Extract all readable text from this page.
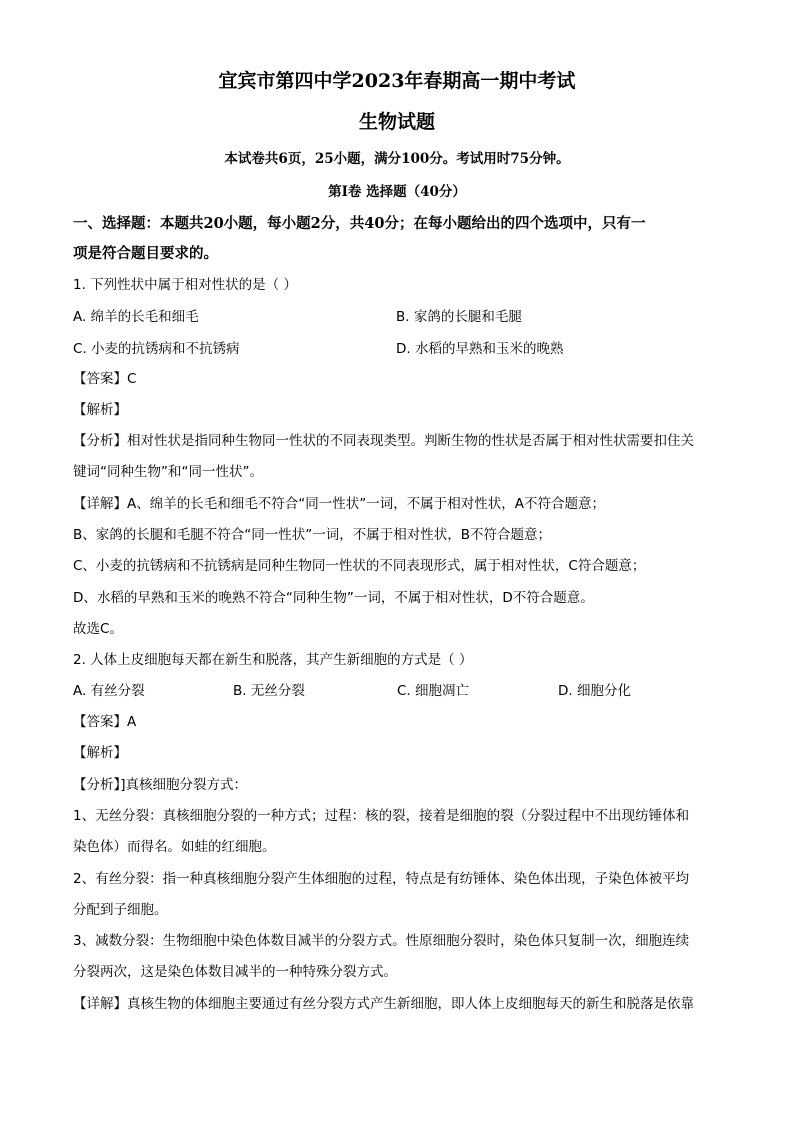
宜宾市第四中学2023年春期高一期中考试
生物试题
本试卷共6页，25小题，满分100分。考试用时75分钟。
第I卷 选择题（40分）
一、选择题：本题共20小题，每小题2分，共40分；在每小题给出的四个选项中，只有一
项是符合题目要求的。
1. 下列性状中属于相对性状的是（ ）
A. 绵羊的长毛和细毛	B. 家鸽的长腿和毛腿
C. 小麦的抗锈病和不抗锈病	D. 水稻的早熟和玉米的晚熟
【答案】C
【解析】
【分析】相对性状是指同种生物同一性状的不同表现类型。判断生物的性状是否属于相对性状需要扣住关
键词“同种生物”和“同一性状”。
【详解】A、绵羊的长毛和细毛不符合“同一性状”一词，不属于相对性状，A不符合题意；
B、家鸽的长腿和毛腿不符合“同一性状”一词，不属于相对性状，B不符合题意；
C、小麦的抗锈病和不抗锈病是同种生物同一性状的不同表现形式，属于相对性状，C符合题意；
D、水稻的早熟和玉米的晚熟不符合“同种生物”一词，不属于相对性状，D不符合题意。
故选C。
2. 人体上皮细胞每天都在新生和脱落，其产生新细胞的方式是（ ）
A. 有丝分裂	B. 无丝分裂	C. 细胞凋亡	D. 细胞分化
【答案】A
【解析】
【分析】]真核细胞分裂方式：
1、无丝分裂：真核细胞分裂的一种方式；过程：核的裂，接着是细胞的裂（分裂过程中不出现纺锤体和
染色体）而得名。如蛙的红细胞。
2、有丝分裂：指一种真核细胞分裂产生体细胞的过程，特点是有纺锤体、染色体出现，子染色体被平均
分配到子细胞。
3、减数分裂：生物细胞中染色体数目减半的分裂方式。性原细胞分裂时，染色体只复制一次，细胞连续
分裂两次，这是染色体数目减半的一种特殊分裂方式。
【详解】真核生物的体细胞主要通过有丝分裂方式产生新细胞，即人体上皮细胞每天的新生和脱落是依靠
